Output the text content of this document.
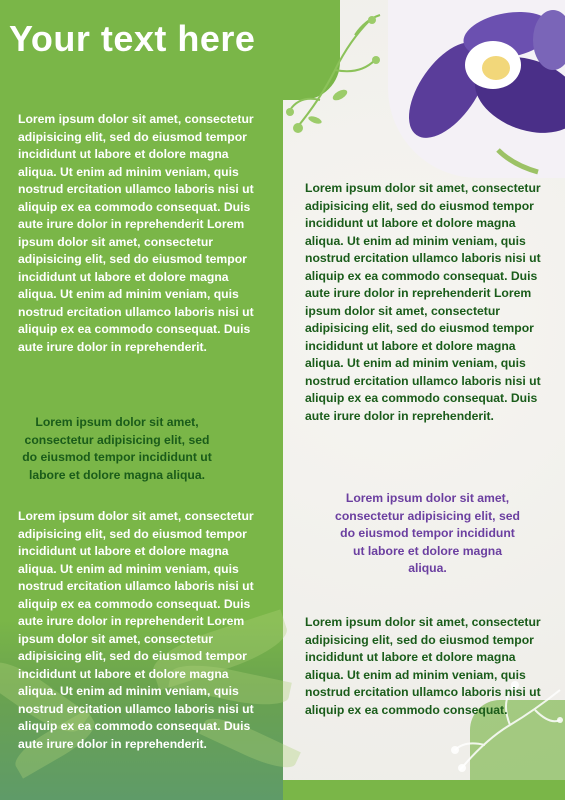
Your text here

Lorem ipsum dolor sit amet, consectetur adipisicing elit, sed do eiusmod tempor incididunt ut labore et dolore magna aliqua. Ut enim ad minim veniam, quis nostrud ercitation ullamco laboris nisi ut aliquip ex ea commodo consequat. Duis aute irure dolor in reprehenderit Lorem ipsum dolor sit amet, consectetur adipisicing elit, sed do eiusmod tempor incididunt ut labore et dolore magna aliqua. Ut enim ad minim veniam, quis nostrud ercitation ullamco laboris nisi ut aliquip ex ea commodo consequat. Duis aute irure dolor in reprehenderit.

Lorem ipsum dolor sit amet, consectetur adipisicing elit, sed do eiusmod tempor incididunt ut labore et dolore magna aliqua.

Lorem ipsum dolor sit amet, consectetur adipisicing elit, sed do eiusmod tempor incididunt ut labore et dolore magna aliqua. Ut enim ad minim veniam, quis nostrud ercitation ullamco laboris nisi ut aliquip ex ea commodo consequat. Duis aute irure dolor in reprehenderit Lorem ipsum dolor sit amet, consectetur adipisicing elit, sed do eiusmod tempor incididunt ut labore et dolore magna aliqua. Ut enim ad minim veniam, quis nostrud ercitation ullamco laboris nisi ut aliquip ex ea commodo consequat. Duis aute irure dolor in reprehenderit.

Lorem ipsum dolor sit amet, consectetur adipisicing elit, sed do eiusmod tempor incididunt ut labore et dolore magna aliqua. Ut enim ad minim veniam, quis nostrud ercitation ullamco laboris nisi ut aliquip ex ea commodo consequat. Duis aute irure dolor in reprehenderit Lorem ipsum dolor sit amet, consectetur adipisicing elit, sed do eiusmod tempor incididunt ut labore et dolore magna aliqua. Ut enim ad minim veniam, quis nostrud ercitation ullamco laboris nisi ut aliquip ex ea commodo consequat. Duis aute irure dolor in reprehenderit.

Lorem ipsum dolor sit amet, consectetur adipisicing elit, sed do eiusmod tempor incididunt ut labore et dolore magna aliqua.

Lorem ipsum dolor sit amet, consectetur adipisicing elit, sed do eiusmod tempor incididunt ut labore et dolore magna aliqua. Ut enim ad minim veniam, quis nostrud ercitation ullamco laboris nisi ut aliquip ex ea commodo consequat.
